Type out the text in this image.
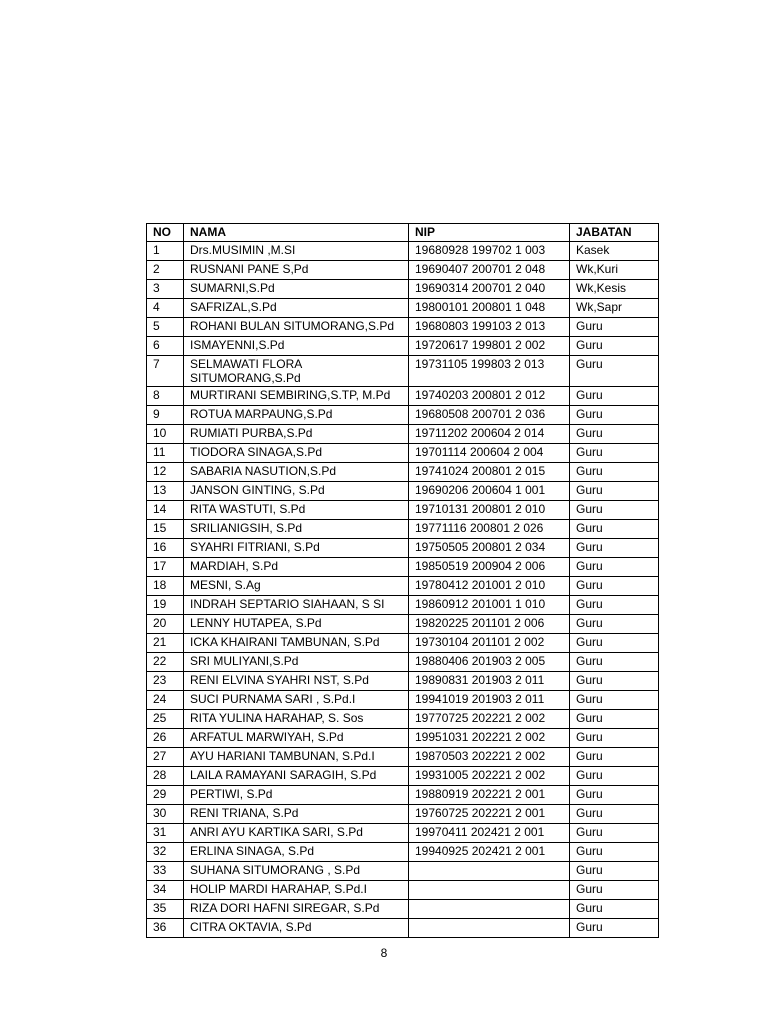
NO	NAMA	NIP	JABATAN
1	Drs.MUSIMIN ,M.SI	19680928 199702 1 003	Kasek
2	RUSNANI PANE S,Pd	19690407 200701 2 048	Wk,Kuri
3	SUMARNI,S.Pd	19690314 200701 2 040	Wk,Kesis
4	SAFRIZAL,S.Pd	19800101 200801 1 048	Wk,Sapr
5	ROHANI BULAN SITUMORANG,S.Pd	19680803 199103 2 013	Guru
6	ISMAYENNI,S.Pd	19720617 199801 2 002	Guru
7	SELMAWATI FLORA SITUMORANG,S.Pd	19731105 199803 2 013	Guru
8	MURTIRANI SEMBIRING,S.TP, M.Pd	19740203 200801 2 012	Guru
9	ROTUA MARPAUNG,S.Pd	19680508 200701 2 036	Guru
10	RUMIATI PURBA,S.Pd	19711202 200604 2 014	Guru
11	TIODORA SINAGA,S.Pd	19701114 200604 2 004	Guru
12	SABARIA NASUTION,S.Pd	19741024 200801 2 015	Guru
13	JANSON GINTING, S.Pd	19690206 200604 1 001	Guru
14	RITA WASTUTI, S.Pd	19710131 200801 2 010	Guru
15	SRILIANIGSIH, S.Pd	19771116 200801 2 026	Guru
16	SYAHRI FITRIANI, S.Pd	19750505 200801 2 034	Guru
17	MARDIAH, S.Pd	19850519 200904 2 006	Guru
18	MESNI, S.Ag	19780412 201001 2 010	Guru
19	INDRAH SEPTARIO SIAHAAN, S SI	19860912 201001 1 010	Guru
20	LENNY HUTAPEA, S.Pd	19820225 201101 2 006	Guru
21	ICKA KHAIRANI TAMBUNAN, S.Pd	19730104 201101 2 002	Guru
22	SRI MULIYANI,S.Pd	19880406 201903 2 005	Guru
23	RENI ELVINA SYAHRI NST, S.Pd	19890831 201903 2 011	Guru
24	SUCI PURNAMA SARI , S.Pd.I	19941019 201903 2 011	Guru
25	RITA YULINA HARAHAP, S. Sos	19770725 202221 2 002	Guru
26	ARFATUL MARWIYAH, S.Pd	19951031 202221 2 002	Guru
27	AYU HARIANI TAMBUNAN, S.Pd.I	19870503 202221 2 002	Guru
28	LAILA RAMAYANI SARAGIH, S.Pd	19931005 202221 2 002	Guru
29	PERTIWI, S.Pd	19880919 202221 2 001	Guru
30	RENI TRIANA, S.Pd	19760725 202221 2 001	Guru
31	ANRI AYU KARTIKA SARI, S.Pd	19970411 202421 2 001	Guru
32	ERLINA SINAGA, S.Pd	19940925 202421 2 001	Guru
33	SUHANA SITUMORANG , S.Pd		Guru
34	HOLIP MARDI HARAHAP, S.Pd.I		Guru
35	RIZA DORI HAFNI SIREGAR, S.Pd		Guru
36	CITRA OKTAVIA, S.Pd		Guru
8
